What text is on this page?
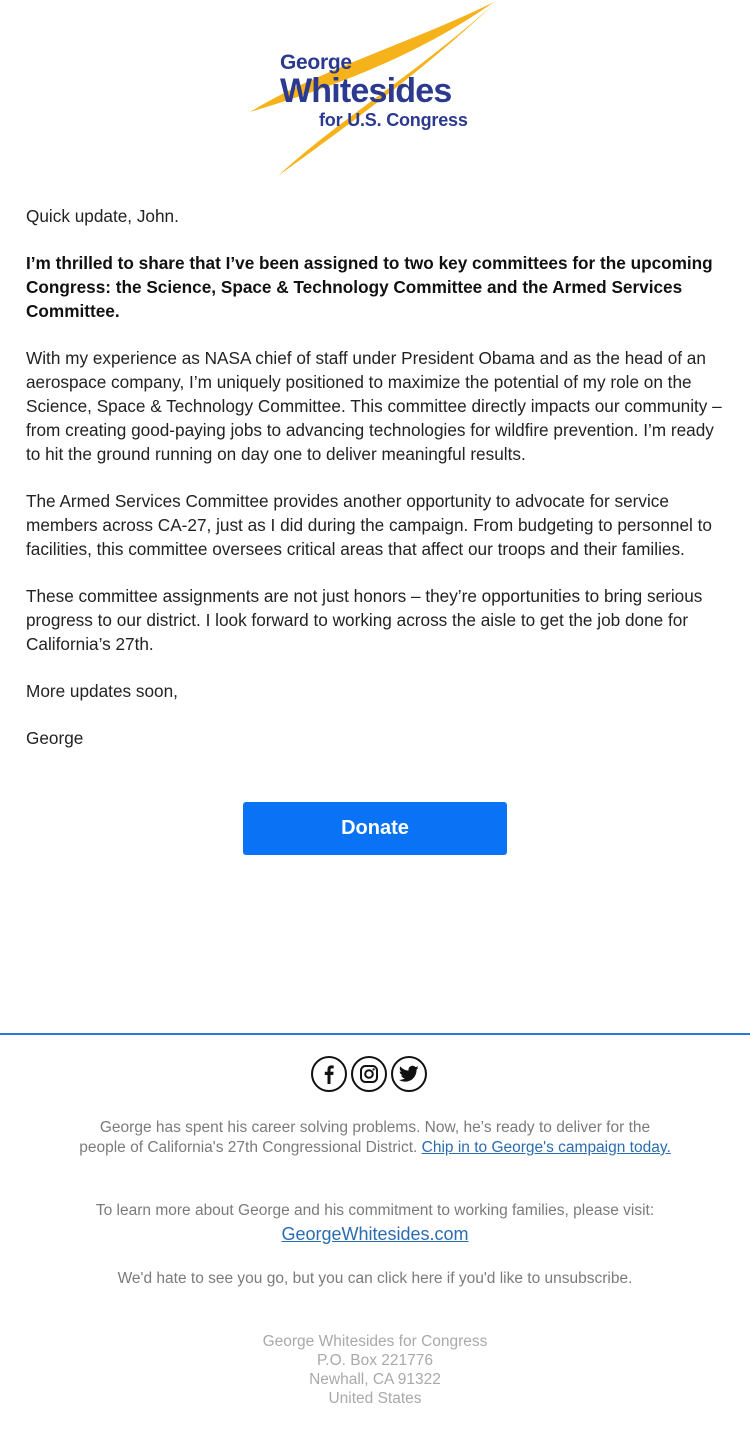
George
Whitesides
for U.S. Congress

Quick update, John.

I’m thrilled to share that I’ve been assigned to two key committees for the upcoming Congress: the Science, Space & Technology Committee and the Armed Services Committee.

With my experience as NASA chief of staff under President Obama and as the head of an aerospace company, I’m uniquely positioned to maximize the potential of my role on the Science, Space & Technology Committee. This committee directly impacts our community – from creating good-paying jobs to advancing technologies for wildfire prevention. I’m ready to hit the ground running on day one to deliver meaningful results.

The Armed Services Committee provides another opportunity to advocate for service members across CA-27, just as I did during the campaign. From budgeting to personnel to facilities, this committee oversees critical areas that affect our troops and their families.

These committee assignments are not just honors – they’re opportunities to bring serious progress to our district. I look forward to working across the aisle to get the job done for California’s 27th.

More updates soon,

George

Donate
George has spent his career solving problems. Now, he’s ready to deliver for the people of California's 27th Congressional District. Chip in to George's campaign today.
To learn more about George and his commitment to working families, please visit:
GeorgeWhitesides.com
We'd hate to see you go, but you can click here if you'd like to unsubscribe.
George Whitesides for Congress
P.O. Box 221776
Newhall, CA 91322
United States
